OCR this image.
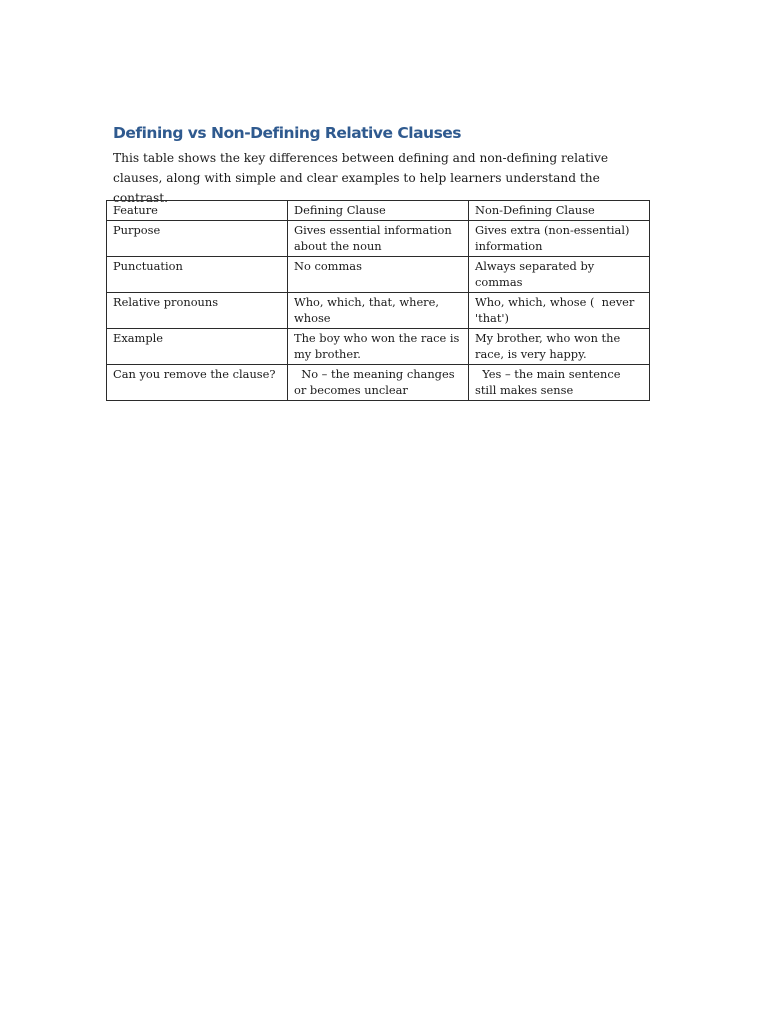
Defining vs Non-Defining Relative Clauses

This table shows the key differences between defining and non-defining relative clauses, along with simple and clear examples to help learners understand the contrast.

Feature	Defining Clause	Non-Defining Clause
Purpose	Gives essential information about the noun	Gives extra (non-essential) information
Punctuation	No commas	Always separated by commas
Relative pronouns	Who, which, that, where, whose	Who, which, whose (  never 'that')
Example	The boy who won the race is my brother.	My brother, who won the race, is very happy.
Can you remove the clause?	No – the meaning changes or becomes unclear	Yes – the main sentence still makes sense
